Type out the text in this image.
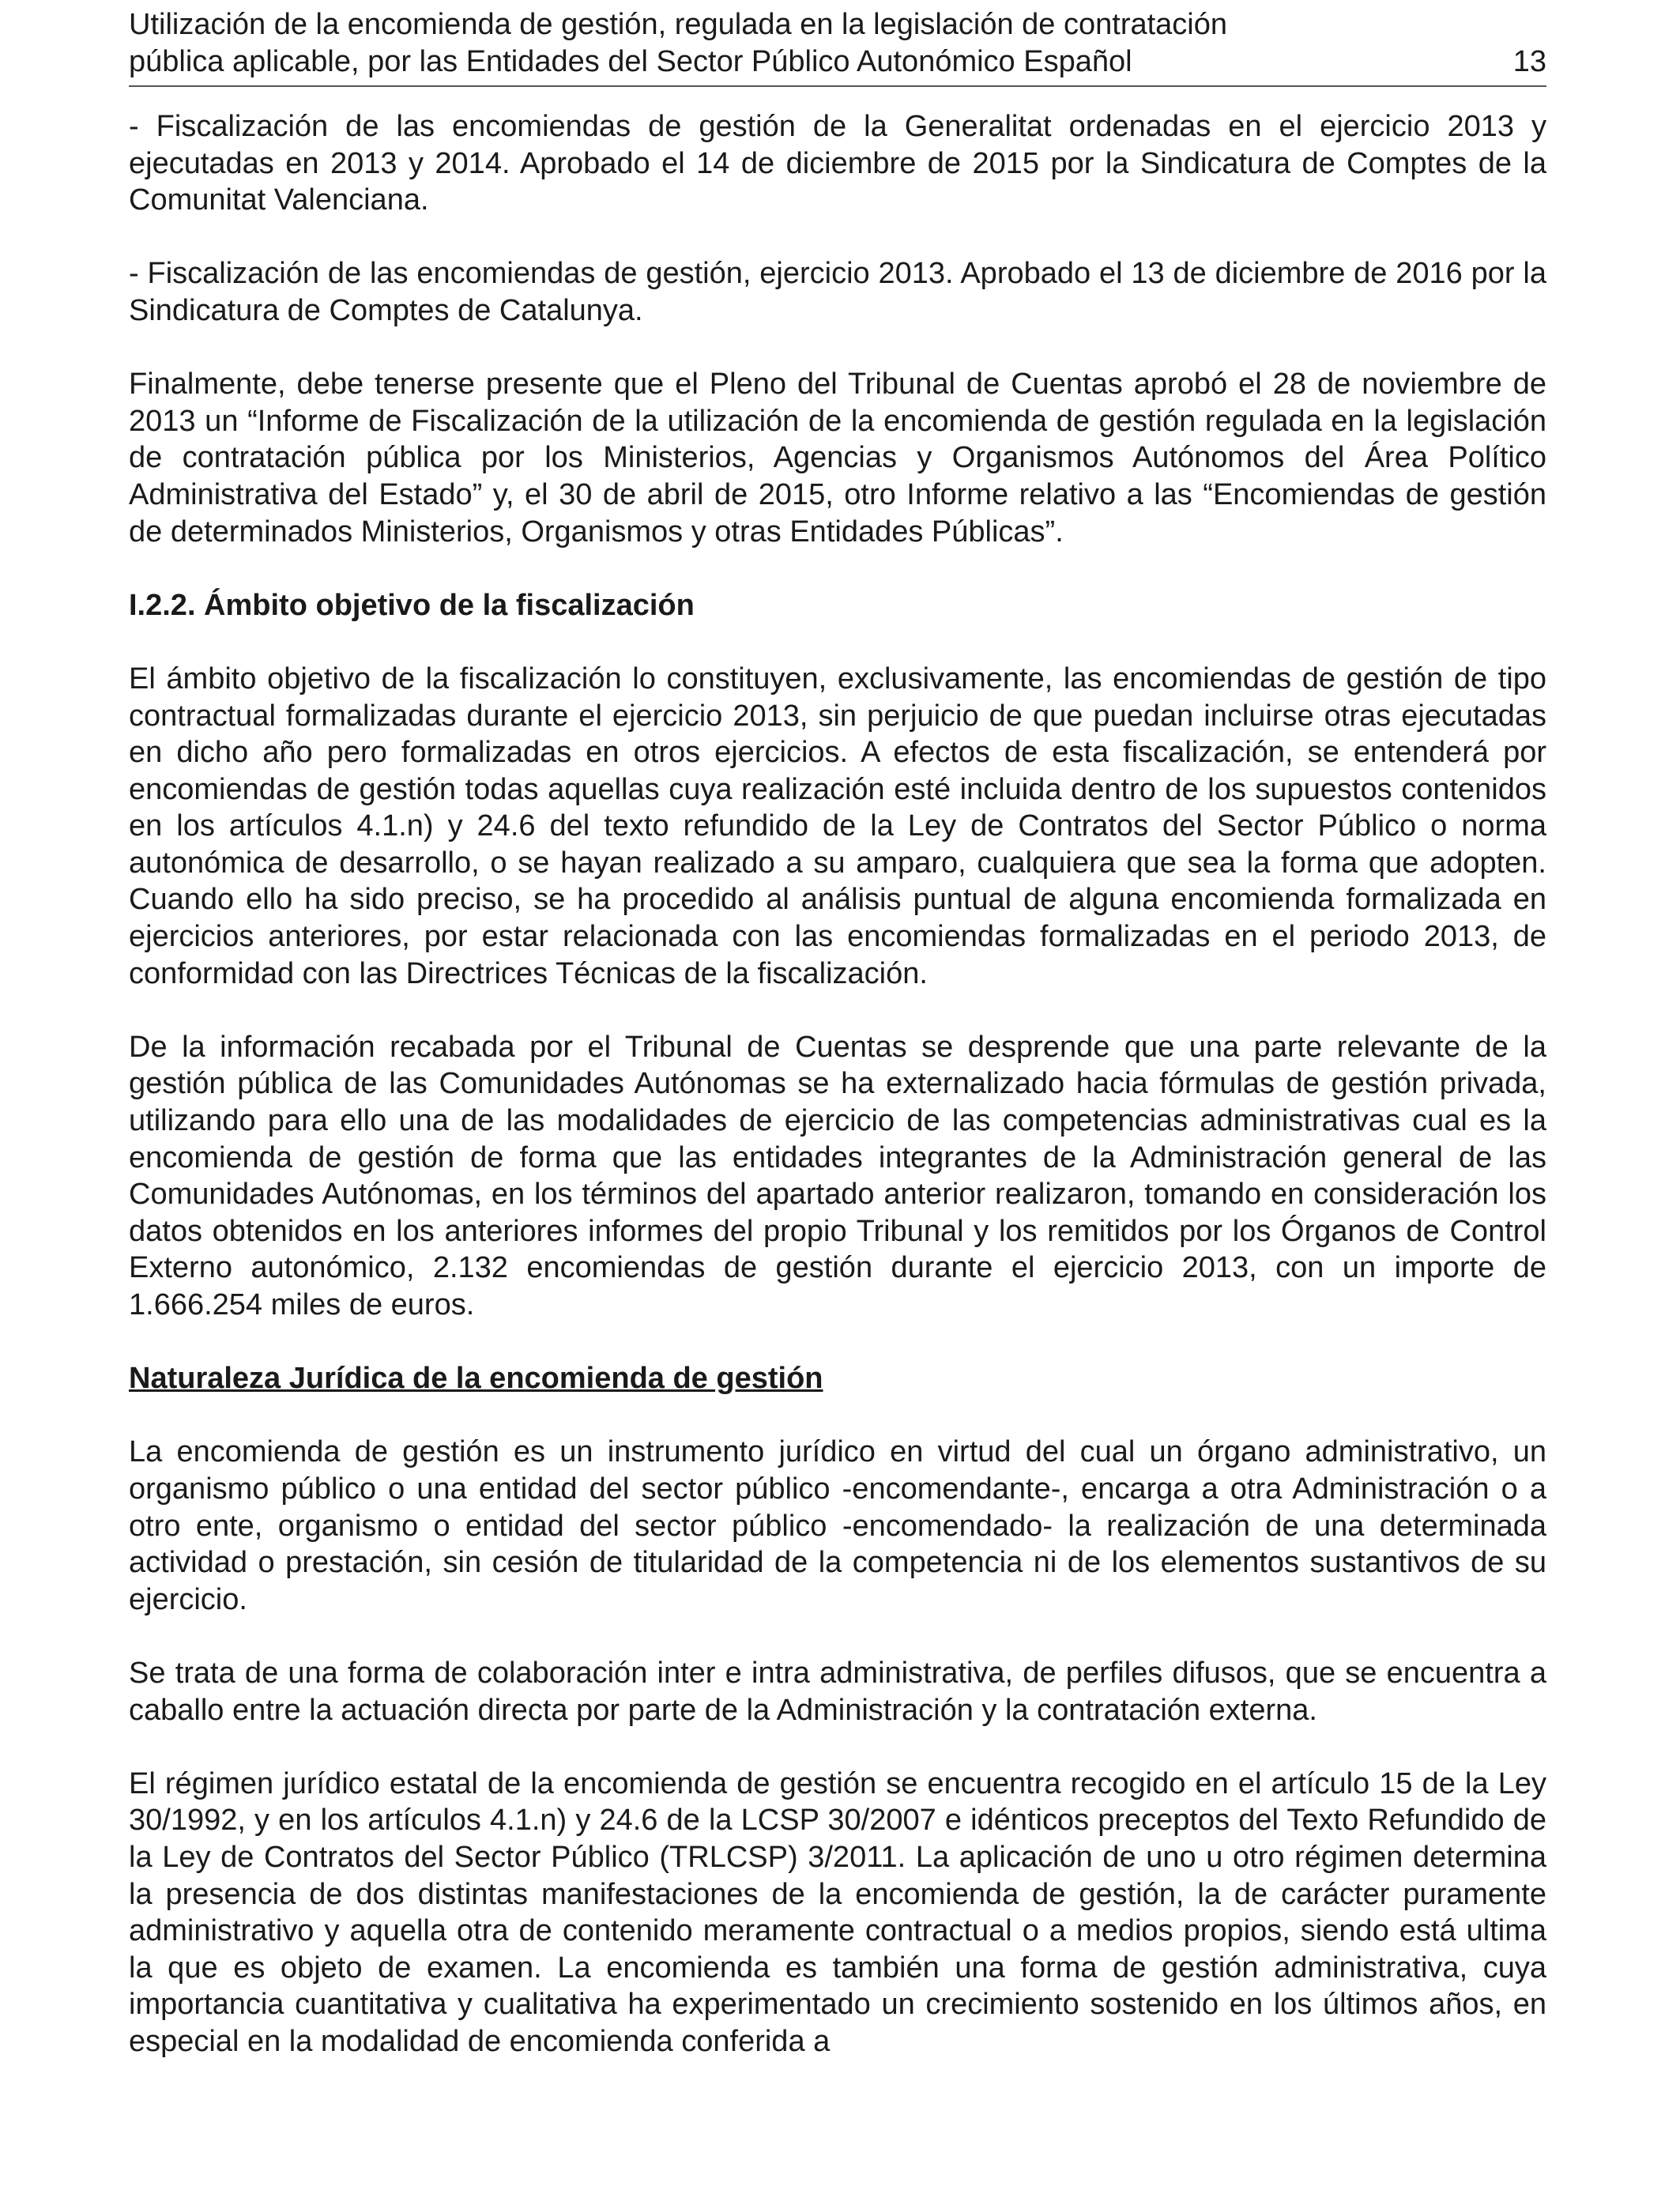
Utilización de la encomienda de gestión, regulada en la legislación de contratación
pública aplicable, por las Entidades del Sector Público Autonómico Español	13

- Fiscalización de las encomiendas de gestión de la Generalitat ordenadas en el ejercicio 2013 y ejecutadas en 2013 y 2014. Aprobado el 14 de diciembre de 2015 por la Sindicatura de Comptes de la Comunitat Valenciana.

- Fiscalización de las encomiendas de gestión, ejercicio 2013. Aprobado el 13 de diciembre de 2016 por la Sindicatura de Comptes de Catalunya.

Finalmente, debe tenerse presente que el Pleno del Tribunal de Cuentas aprobó el 28 de noviembre de 2013 un “Informe de Fiscalización de la utilización de la encomienda de gestión regulada en la legislación de contratación pública por los Ministerios, Agencias y Organismos Autónomos del Área Político Administrativa del Estado” y, el 30 de abril de 2015, otro Informe relativo a las “Encomiendas de gestión de determinados Ministerios, Organismos y otras Entidades Públicas”.

I.2.2. Ámbito objetivo de la fiscalización

El ámbito objetivo de la fiscalización lo constituyen, exclusivamente, las encomiendas de gestión de tipo contractual formalizadas durante el ejercicio 2013, sin perjuicio de que puedan incluirse otras ejecutadas en dicho año pero formalizadas en otros ejercicios. A efectos de esta fiscalización, se entenderá por encomiendas de gestión todas aquellas cuya realización esté incluida dentro de los supuestos contenidos en los artículos 4.1.n) y 24.6 del texto refundido de la Ley de Contratos del Sector Público o norma autonómica de desarrollo, o se hayan realizado a su amparo, cualquiera que sea la forma que adopten. Cuando ello ha sido preciso, se ha procedido al análisis puntual de alguna encomienda formalizada en ejercicios anteriores, por estar relacionada con las encomiendas formalizadas en el periodo 2013, de conformidad con las Directrices Técnicas de la fiscalización.

De la información recabada por el Tribunal de Cuentas se desprende que una parte relevante de la gestión pública de las Comunidades Autónomas se ha externalizado hacia fórmulas de gestión privada, utilizando para ello una de las modalidades de ejercicio de las competencias administrativas cual es la encomienda de gestión de forma que las entidades integrantes de la Administración general de las Comunidades Autónomas, en los términos del apartado anterior realizaron, tomando en consideración los datos obtenidos en los anteriores informes del propio Tribunal y los remitidos por los Órganos de Control Externo autonómico, 2.132 encomiendas de gestión durante el ejercicio 2013, con un importe de 1.666.254 miles de euros.

Naturaleza Jurídica de la encomienda de gestión

La encomienda de gestión es un instrumento jurídico en virtud del cual un órgano administrativo, un organismo público o una entidad del sector público -encomendante-, encarga a otra Administración o a otro ente, organismo o entidad del sector público -encomendado- la realización de una determinada actividad o prestación, sin cesión de titularidad de la competencia ni de los elementos sustantivos de su ejercicio.

Se trata de una forma de colaboración inter e intra administrativa, de perfiles difusos, que se encuentra a caballo entre la actuación directa por parte de la Administración y la contratación externa.

El régimen jurídico estatal de la encomienda de gestión se encuentra recogido en el artículo 15 de la Ley 30/1992, y en los artículos 4.1.n) y 24.6 de la LCSP 30/2007 e idénticos preceptos del Texto Refundido de la Ley de Contratos del Sector Público (TRLCSP) 3/2011. La aplicación de uno u otro régimen determina la presencia de dos distintas manifestaciones de la encomienda de gestión, la de carácter puramente administrativo y aquella otra de contenido meramente contractual o a medios propios, siendo está ultima la que es objeto de examen. La encomienda es también una forma de gestión administrativa, cuya importancia cuantitativa y cualitativa ha experimentado un crecimiento sostenido en los últimos años, en especial en la modalidad de encomienda conferida a
